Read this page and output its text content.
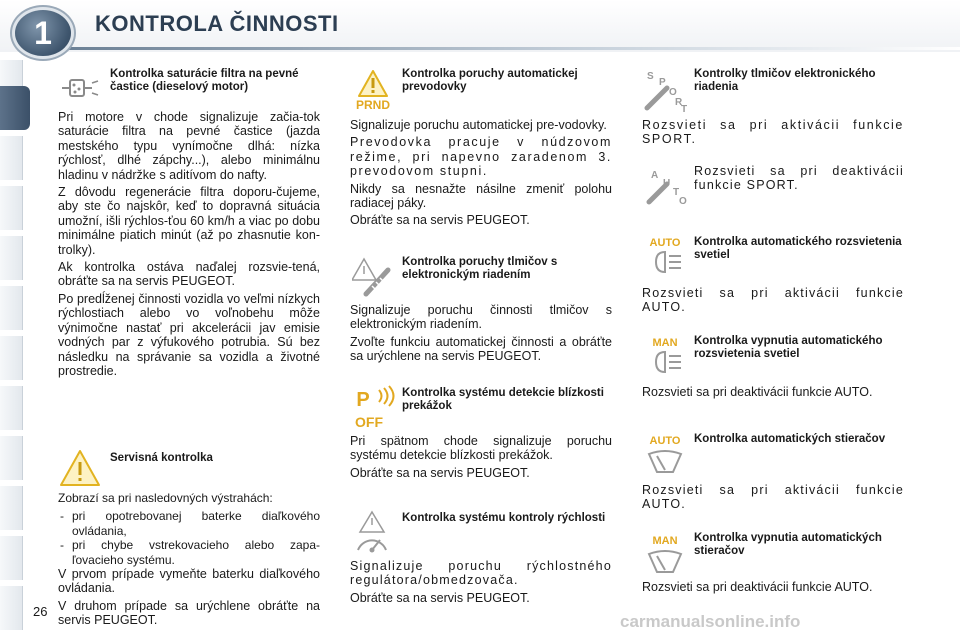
1	KONTROLA ČINNOSTI
Kontrolka saturácie filtra na pevné častice (dieselový motor)

Pri motore v chode signalizuje začia-tok saturácie filtra na pevné častice (jazda mestského typu vynímočne dlhá: nízka rýchlosť, dlhé zápchy...), alebo minimálnu hladinu v nádržke s aditívom do nafty.

Z dôvodu regenerácie filtra doporu-čujeme, aby ste čo najskôr, keď to dopravná situácia umožní, išli rýchlos-ťou 60 km/h a viac po dobu minimálne piatich minút (až po zhasnutie kon-trolky).

Ak kontrolka ostáva naďalej rozsvie-tená, obráťte sa na servis PEUGEOT.

Po predĺženej činnosti vozidla vo veľmi nízkych rýchlostiach alebo vo voľnobehu môže výnimočne nastať pri akcelerácii jav emisie vodných par z výfukového potrubia. Sú bez následku na správanie sa vozidla a životné prostredie.

Servisná kontrolka

Zobrazí sa pri nasledovných výstrahách:

- pri opotrebovanej baterke diaľkového ovládania,
- pri chybe vstrekovacieho alebo zapa-ľovacieho systému.

V prvom prípade vymeňte baterku diaľkového ovládania.

V druhom prípade sa urýchlene obráťte na servis PEUGEOT.

26
PRND
Kontrolka poruchy automatickej prevodovky

Signalizuje poruchu automatickej pre-vodovky.

Prevodovka pracuje v núdzovom režime, pri napevno zaradenom 3. prevodovom stupni.

Nikdy sa nesnažte násilne zmeniť polohu radiacej páky.

Obráťte sa na servis PEUGEOT.

Kontrolka poruchy tlmičov s elektronickým riadením

Signalizuje poruchu činnosti tlmičov s elektronickým riadením.

Zvoľte funkciu automatickej činnosti a obráťte sa urýchlene na servis PEUGEOT.

P
OFF
Kontrolka systému detekcie blízkosti prekážok

Pri spätnom chode signalizuje poruchu systému detekcie blízkosti prekážok.

Obráťte sa na servis PEUGEOT.

Kontrolka systému kontroly rýchlosti

Signalizuje poruchu rýchlostného regulátora/obmedzovača.

Obráťte sa na servis PEUGEOT.

S
P
O
R
T
Kontrolky tlmičov elektronického riadenia

Rozsvieti sa pri aktivácii funkcie SPORT.

A
T
O

Rozsvieti sa pri deaktivácii funkcie SPORT.

AUTO Kontrolka automatického rozsvietenia svetiel

Rozsvieti sa pri aktivácii funkcie AUTO.

MAN Kontrolka vypnutia automatického rozsvietenia svetiel

Rozsvieti sa pri deaktivácii funkcie AUTO.

AUTO Kontrolka automatických stieračov

Rozsvieti sa pri aktivácii funkcie AUTO.

MAN Kontrolka vypnutia automatických stieračov

Rozsvieti sa pri deaktivácii funkcie AUTO.

carmanualsonline.info
